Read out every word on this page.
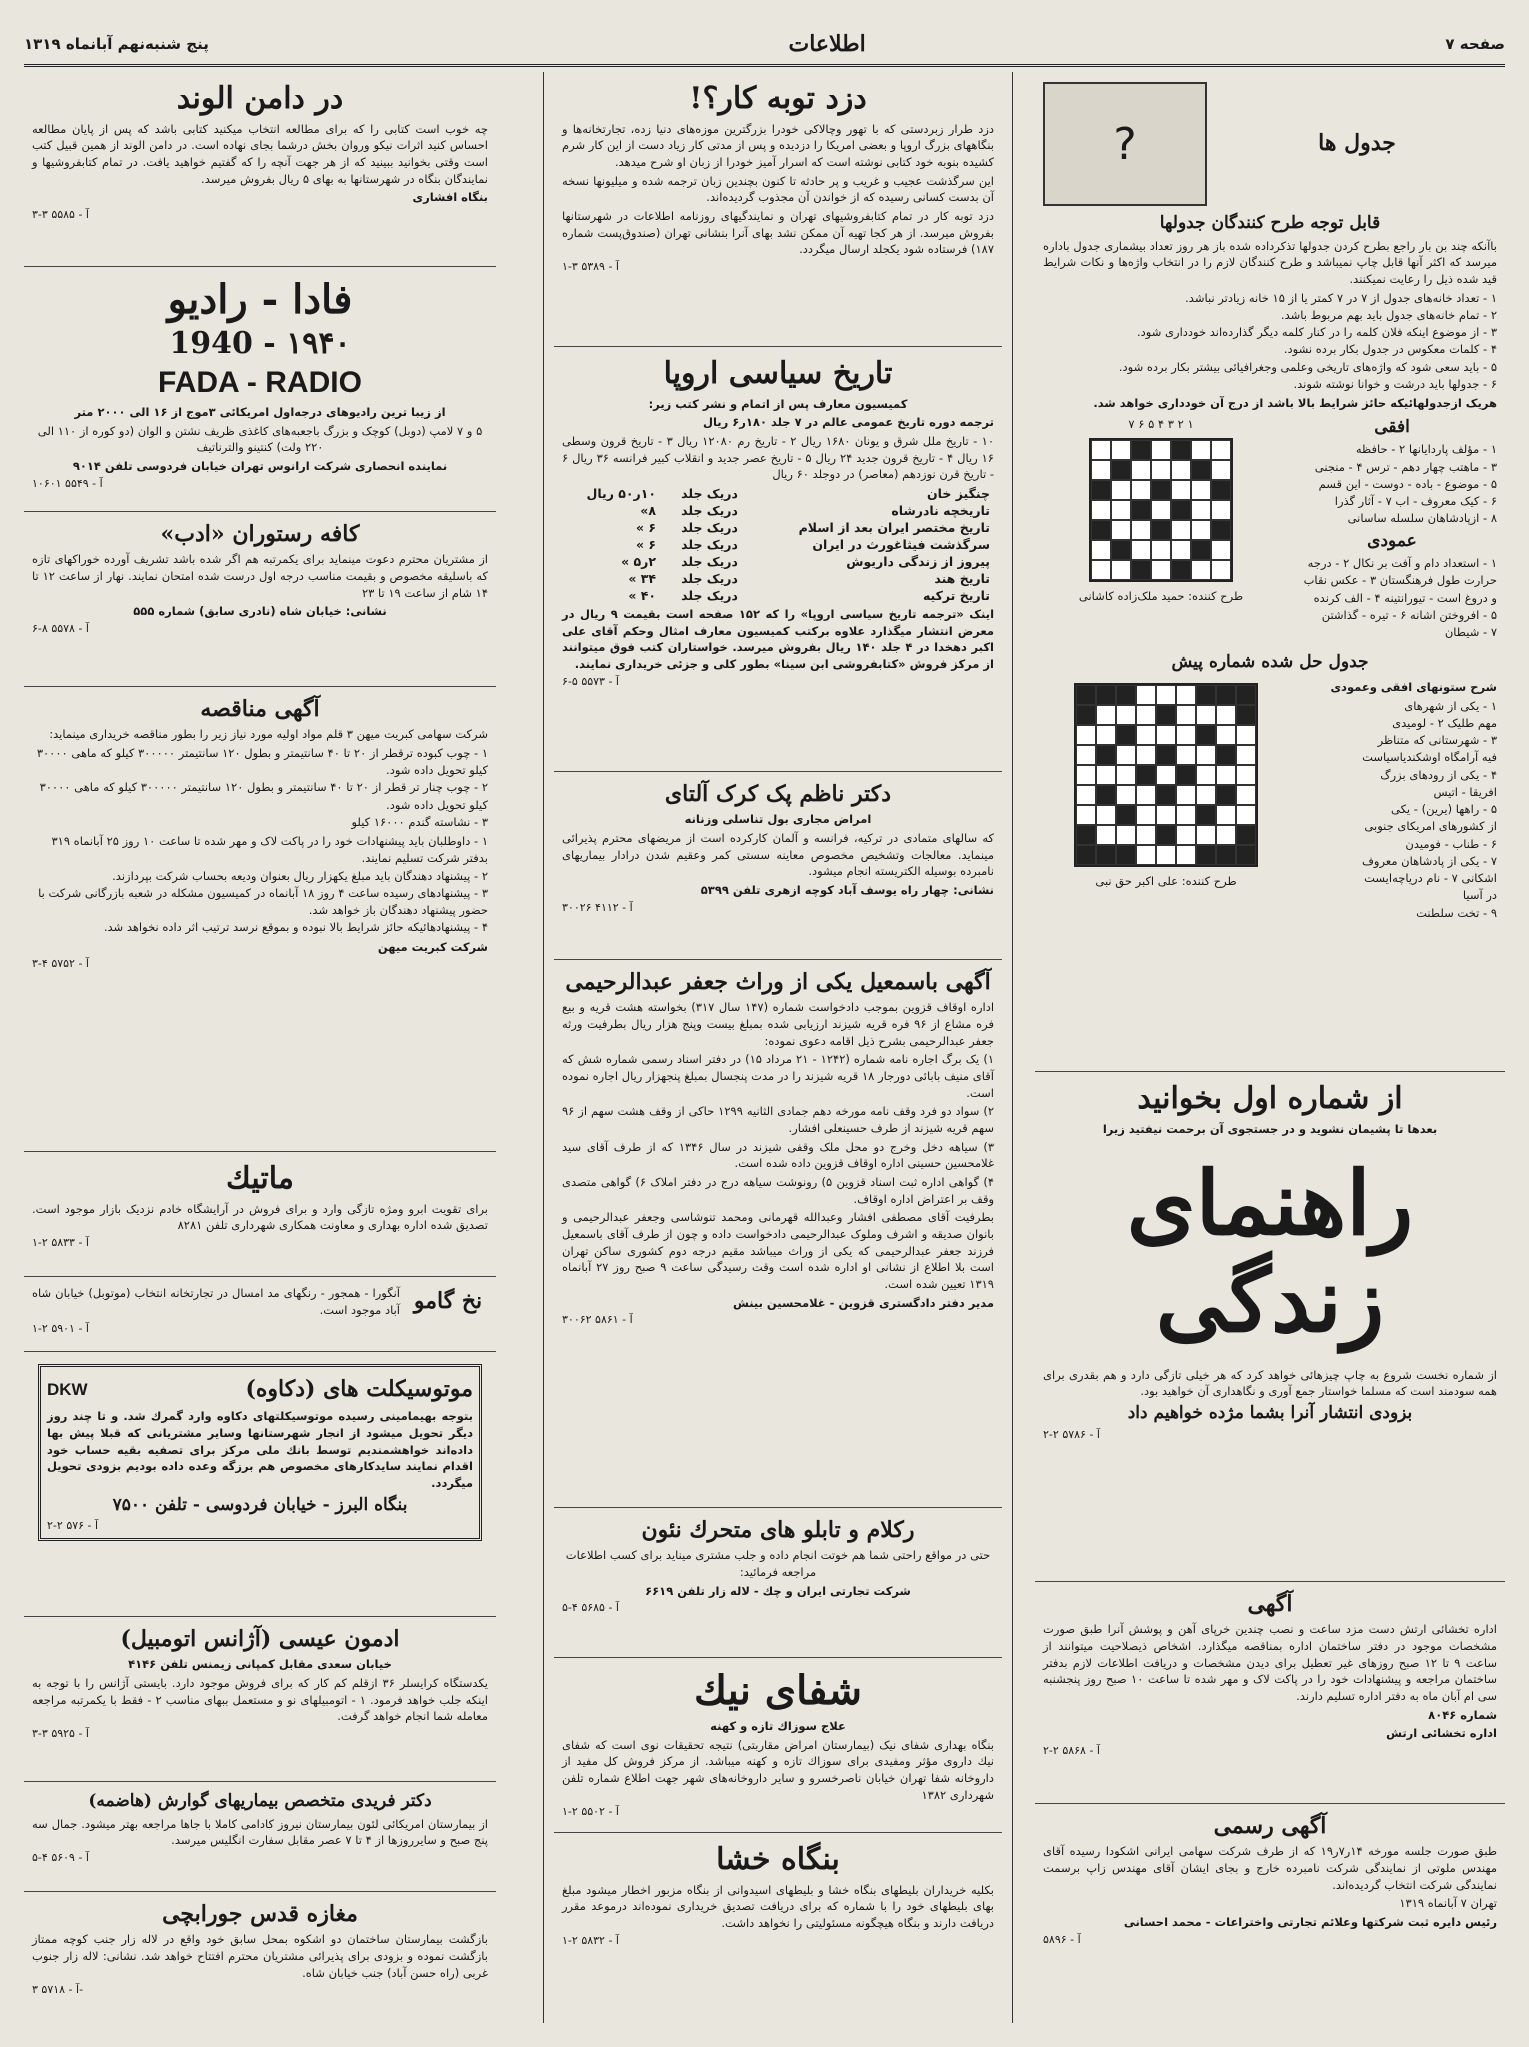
صفحه ۷
اطلاعات
پنج شنبه‌نهم آبانماه ۱۳۱۹
جدول ها
?
قابل توجه طرح کنندگان جدولها

باآنکه چند بن بار راجع بطرح کردن جدولها تذکرداده شده باز هر روز تعداد بیشماری جدول باداره میرسد که اکثر آنها قابل چاپ نمیباشد و طرح کنندگان لازم را در انتخاب واژه‌ها و نکات شرایط قید شده ذیل را رعایت نمیکنند.

۱ - تعداد خانه‌های جدول از ۷ در ۷ کمتر یا از ۱۵ خانه زیادتر نباشد.
۲ - تمام خانه‌های جدول باید بهم مربوط باشد.
۳ - از موضوع اینکه فلان کلمه را در کنار کلمه دیگر گذارده‌اند خودداری شود.
۴ - کلمات معکوس در جدول بکار برده نشود.
۵ - باید سعی شود که واژه‌های تاریخی وعلمی وجغرافیائی بیشتر بکار برده شود.
۶ - جدولها باید درشت و خوانا نوشته شوند.

هریک ازجدولهائیکه حائز شرایط بالا باشد از درج آن خودداری خواهد شد.

افقی
۱ - مؤلف پاردایانها ۲ - حافظه
۳ - ماهتب چهار دهم - ترس ۴ - منجنی
۵ - موضوع - باده - دوست - این قسم
۶ - کیک معروف - اب ۷ - آثار گذرا
۸ - ازپادشاهان سلسله ساسانی
عمودی
۱ - استعداد دام و آفت بر نکال ۲ - درجه
حرارت طول فرهنگستان ۳ - عکس نقاب
و دروغ است - تیورانتینه ۴ - الف کرنده
۵ - افروختن اشانه ۶ - تیره - گذاشتن
۷ - شیطان
۱ ۲ ۳ ۴ ۵ ۶ ۷
طرح کننده: حمید ملک‌زاده کاشانی
جدول حل شده شماره پیش
شرح ستونهای افقی وعمودی
۱ - یکی از شهرهای
مهم طلیک ۲ - لومیدی
۳ - شهرستانی که متناظر
فیه آرامگاه اوشکندیاسیاست
۴ - یکی از رودهای بزرگ
افریقا - اتیس
۵ - راهها (یرین) - یکی
از کشورهای امریکای جنوبی
۶ - طناب - فومیدن
۷ - یکی از پادشاهان معروف
اشکانی ۷ - نام دریاچه‌ایست
در آسیا
۹ - تخت سلطنت
طرح کننده: علی اکبر حق نبی
از شماره اول بخوانید
بعدها تا پشیمان نشوید و در جستجوی آن برحمت نیفتید زیرا
راهنمای زندگی

از شماره نخست شروع به چاپ چیزهائی خواهد کرد که هر خیلی تازگی دارد و هم بقدری برای همه سودمند است که مسلما خواستار جمع آوری و نگاهداری آن خواهید بود.

بزودی انتشار آنرا بشما مژده خواهیم داد
آ - ۵۷۸۶ ۲-۲
آگهی

اداره تخشائی ارتش دست مزد ساعت و نصب چندین خرپای آهن و پوشش آنرا طبق صورت مشخصات موجود در دفتر ساختمان اداره بمناقصه میگذارد. اشخاص ذیصلاحیت میتوانند از ساعت ۹ تا ۱۲ صبح روزهای غیر تعطیل برای دیدن مشخصات و دریافت اطلاعات لازم بدفتر ساختمان مراجعه و پیشنهادات خود را در پاکت لاک و مهر شده تا ساعت ۱۰ صبح روز پنجشنبه سی ام آبان ماه به دفتر اداره تسلیم دارند.

شماره ۸۰۴۶
اداره تخشائی ارتش
آ - ۵۸۶۸ ۲-۲
آگهی رسمی

طبق صورت جلسه مورخه ۱۴ر۷ر۱۹ که از طرف شرکت سهامی ایرانی اشکودا رسیده آقای مهندس ملوتی از نمایندگی شرکت نامبرده خارج و بجای ایشان آقای مهندس زاپ برسمت نمایندگی شرکت انتخاب گردیده‌اند.

تهران ۷ آبانماه ۱۳۱۹
رئیس دایره ثبت شرکتها وعلائم تجارتی واختراعات - محمد احسانی
آ - ۵۸۹۶
دزد توبه کار؟!

دزد طرار زبردستی که با تهور وچالاکی خودرا بزرگترین موزه‌های دنیا زده، تجارتخانه‌ها و بنگاههای بزرگ اروپا و بعضی امریکا را دزدیده و پس از مدتی کار زیاد دست از این کار شرم کشیده بنوبه خود کتابی نوشته است که اسرار آمیز خودرا از زبان او شرح میدهد.

این سرگذشت عجیب و غریب و پر حادثه تا کنون بچندین زبان ترجمه شده و میلیونها نسخه آن بدست کسانی رسیده که از خواندن آن مجذوب گردیده‌اند.

دزد توبه کار در تمام کتابفروشیهای تهران و نمایندگیهای روزنامه اطلاعات در شهرستانها بفروش میرسد. از هر کجا تهیه آن ممکن نشد بهای آنرا بنشانی تهران (صندوق‌پست شماره ۱۸۷) فرستاده شود یکجلد ارسال میگردد.

آ - ۵۳۸۹ ۳-۱
تاریخ سیاسی اروپا
کمیسیون معارف پس از اتمام و نشر کتب زیر:
ترجمه دوره تاریخ عمومی عالم در ۷ جلد ۱۸۰ر۶ ریال

۱۰ - تاریخ ملل شرق و یونان ۱۶۸۰ ریال ۲ - تاریخ رم ۱۲۰۸۰ ریال ۳ - تاریخ قرون وسطی ۱۶ ریال ۴ - تاریخ قرون جدید ۲۴ ریال ۵ - تاریخ عصر جدید و انقلاب کبیر فرانسه ۳۶ ریال ۶ - تاریخ قرن نوزدهم (معاصر) در دوجلد ۶۰ ریال

چنگیز خان	دریک جلد	۱۰ر۵۰ ریال
تاریخچه نادرشاه	دریک جلد	۸»
تاریخ مختصر ایران بعد از اسلام	دریک جلد	۶ »
سرگذشت فیثاغورث در ایران	دریک جلد	۶ »
پیروز از زندگی داریوش	دریک جلد	۲ر۵ »
تاریخ هند	دریک جلد	۳۴ »
تاریخ ترکیه	دریک جلد	۴۰ »

اینک «ترجمه تاریخ سیاسی اروپا» را که ۱۵۲ صفحه است بقیمت ۹ ریال در معرض انتشار میگذارد علاوه برکتب کمیسیون معارف امثال وحکم آقای علی اکبر دهخدا در ۴ جلد ۱۴۰ ریال بفروش میرسد. خواستاران کتب فوق میتوانند از مرکز فروش «کتابفروشی ابن سینا» بطور کلی و جزئی خریداری نمایند.

آ - ۵۵۷۳ ۵-۶
دکتر ناظم پک کرک آلتای
امراض مجاری بول تناسلی وزنانه

که سالهای متمادی در ترکیه، فرانسه و آلمان کارکرده است از مریضهای محترم پذیرائی مینماید. معالجات وتشخیص مخصوص معاینه سستی کمر وعقیم شدن درادار بیماریهای نامبرده بوسیله الکتریسته انجام میشود.

نشانی: چهار راه یوسف آباد کوچه ازهری تلفن ۵۳۹۹
آ - ۴۱۱۲ ۳۰۰۲۶
آگهی باسمعیل یکی از وراث جعفر عبدالرحیمی

اداره اوقاف قزوین بموجب دادخواست شماره (۱۴۷ سال ۳۱۷) بخواسته هشت قریه و بیع فره مشاع از ۹۶ فره قریه شیزند ارزیابی شده بمبلغ بیست وپنج هزار ریال بطرفیت ورثه جعفر عبدالرحیمی بشرح ذیل اقامه دعوی نموده:

۱) یک برگ اجاره نامه شماره (۱۲۴۲ - ۲۱ مرداد ۱۵) در دفتر اسناد رسمی شماره شش که آقای منیف بابائی دورجار ۱۸ قریه شیزند را در مدت پنجسال بمبلغ پنجهزار ریال اجاره نموده است.

۲) سواد دو فرد وقف نامه مورخه دهم جمادی الثانیه ۱۲۹۹ حاکی از وقف هشت سهم از ۹۶ سهم قریه شیزند از طرف حسینعلی افشار.

۳) سیاهه دخل وخرج دو محل ملک وقفی شیزند در سال ۱۳۴۶ که از طرف آقای سید غلامحسین حسینی اداره اوقاف قزوین داده شده است.

۴) گواهی اداره ثبت اسناد قزوین ۵) رونوشت سیاهه درج در دفتر املاک ۶) گواهی متصدی وقف بر اعتراض اداره اوقاف.

بطرفیت آقای مصطفی افشار وعبدالله قهرمانی ومحمد تنوشاسی وجعفر عبدالرحیمی و بانوان صدیقه و اشرف وملوک عبدالرحیمی دادخواست داده و چون از طرف آقای باسمعیل فرزند جعفر عبدالرحیمی که یکی از وراث میباشد مقیم درجه دوم کشوری ساکن تهران است بلا اطلاع از نشانی او اداره شده است وقت رسیدگی ساعت ۹ صبح روز ۲۷ آبانماه ۱۳۱۹ تعیین شده است.

مدیر دفتر دادگستری قزوین - غلامحسین بینش
آ - ۵۸۶۱ ۳۰۰۶۲
رکلام و تابلو های متحرك نئون

حتی در مواقع راحتی شما هم خوتت انجام داده و جلب مشتری میناید برای کسب اطلاعات مراجعه فرمائید:

شرکت تجارتی ایران و چك - لاله زار تلفن ۶۶۱۹
آ - ۵۶۸۵ ۴-۵
شفای نیك
علاج سوزاك تازه و كهنه

بنگاه بهداری شفای نیک (بیمارستان امراض مقاربتی) نتیجه تحقیقات نوی است که شفای نیك داروی مؤثر ومفیدی برای سوزاك تازه و كهنه میباشد. از مرکز فروش كل مفید از داروخانه شفا تهران خیابان ناصرخسرو و سایر داروخانه‌های شهر جهت اطلاع شماره تلفن شهرداری ۱۳۸۲

آ - ۵۵۰۲ ۲-۱
بنگاه خشا

بکلیه خریداران بلیطهای بنگاه خشا و بلیطهای اسیدوانی از بنگاه مزبور اخطار میشود مبلغ بهای بلیطهای خود را با شماره که برای دریافت تصدیق خریداری نموده‌اند درموعد مقرر دریافت دارند و بنگاه هیچگونه مسئولیتی را نخواهد داشت.

آ - ۵۸۳۲ ۲-۱
در دامن الوند

چه خوب است کتابی را که برای مطالعه انتخاب میکنید کتابی باشد که پس از پایان مطالعه احساس کنید اثرات نیکو وروان بخش درشما بجای نهاده است. در دامن الوند از همین قبیل کتب است وقتی بخوانید ببینید که از هر جهت آنچه را که گفتیم خواهید یافت. در تمام کتابفروشیها و نمایندگان بنگاه در شهرستانها به بهای ۵ ریال بفروش میرسد.

بنگاه افشاری
آ - ۵۵۸۵ ۳-۳
فادا - رادیو
۱۹۴۰ - 1940
FADA - RADIO
از زیبا ترین رادیوهای درجه‌اول امریکائی ۳موج از ۱۶ الی ۲۰۰۰ متر
۵ و ۷ لامپ (دوبل) کوچک و بزرگ باجعبه‌های کاغذی ظریف نشتن و الوان (دو کوره از ۱۱۰ الی ۲۲۰ ولت) کنتینو والترناتیف
نماینده انحصاری شرکت ارانوس تهران خیابان فردوسی تلفن ۹۰۱۴
آ - ۵۵۴۹ ۱۰۶۰۱
کافه رستوران «ادب»

از مشتریان محترم دعوت مینماید برای یکمرتبه هم اگر شده باشد تشریف آورده خوراکهای تازه که باسلیقه مخصوص و بقیمت مناسب درجه اول درست شده امتحان نمایند. نهار از ساعت ۱۲ تا ۱۴ شام از ساعت ۱۹ تا ۲۳

نشانی: خیابان شاه (نادری سابق) شماره ۵۵۵
آ - ۵۵۷۸ ۸-۶
آگهی مناقصه

شرکت سهامی کبریت میهن ۳ قلم مواد اولیه مورد نیاز زیر را بطور مناقصه خریداری مینماید:

۱ - چوب کبوده ترقطر از ۲۰ تا ۴۰ سانتیمتر و بطول ۱۲۰ سانتیمتر ۳۰۰۰۰۰ کیلو که ماهی ۳۰۰۰۰ کیلو تحویل داده شود.
۲ - چوب چنار تر قطر از ۲۰ تا ۴۰ سانتیمتر و بطول ۱۲۰ سانتیمتر ۳۰۰۰۰۰ کیلو که ماهی ۳۰۰۰۰ کیلو تحویل داده شود.
۳ - نشاسته گندم ۱۶۰۰۰ کیلو
۱ - داوطلبان باید پیشنهادات خود را در پاکت لاک و مهر شده تا ساعت ۱۰ روز ۲۵ آبانماه ۳۱۹ بدفتر شرکت تسلیم نمایند.
۲ - پیشنهاد دهندگان باید مبلغ یکهزار ریال بعنوان ودیعه بحساب شرکت بپردازند.
۳ - پیشنهادهای رسیده ساعت ۴ روز ۱۸ آبانماه در کمیسیون مشکله در شعبه بازرگانی شرکت با حضور پیشنهاد دهندگان باز خواهد شد.
۴ - پیشنهادهائیکه حائز شرایط بالا نبوده و بموقع نرسد ترتیب اثر داده نخواهد شد.
شرکت کبریت میهن
آ - ۵۷۵۲ ۴-۳
ماتیك

برای تقویت ابرو ومژه تازگی وارد و برای فروش در آرایشگاه خادم نزدیک بازار موجود است. تصدیق شده اداره بهداری و معاونت همکاری شهرداری تلفن ۸۲۸۱

آ - ۵۸۳۳ ۲-۱
نخ گامو

آنگورا - همجور - رنگهای مد امسال در تجارتخانه انتخاب (موتوبل) خیابان شاه آباد موجود است.

آ - ۵۹۰۱ ۲-۱
موتوسیکلت های (دکاوه)
DKW

بتوجه بهیمامینی رسیده موتوسیکلتهای دکاوه وارد گمرك شد. و تا چند روز دیگر تحویل میشود از انجار شهرستانها وسایر مشتریانی که قبلا پیش بها داده‌اند خواهشمندیم توسط بانك ملی مرکز برای تصفیه بقیه حساب خود اقدام نمایند سایدکارهای مخصوص هم برزگه وعده داده بودیم بزودی تحویل میگردد.

بنگاه البرز - خیابان فردوسی - تلفن ۷۵۰۰
آ - ۵۷۶ ۲-۲
ادمون عیسی (آژانس اتومبیل)
خیابان سعدی مقابل کمپانی زیمنس تلفن ۴۱۴۶

یکدستگاه کرایسلر ۳۶ ازقلم کم کار که برای فروش موجود دارد. بایستی آژانس را با توجه به اینکه جلب خواهد فرمود. ۱ - اتومبیلهای نو و مستعمل ببهای مناسب ۲ - فقط با یکمرتبه مراجعه معامله شما انجام خواهد گرفت.

آ - ۵۹۲۵ ۳-۳
دکتر فریدی متخصص بیماریهای گوارش (هاضمه)

از بیمارستان امریکائی لئون بیمارستان نیروز کادامی کاملا با جاها مراجعه بهتر میشود. جمال سه پنج صبح و سایرروزها از ۴ تا ۷ عصر مقابل سفارت انگلیس میرسد.

آ - ۵۶۰۹ ۴-۵
مغازه قدس جورابچی

بازگشت بیمارستان ساختمان دو اشکوه بمحل سابق خود واقع در لاله زار جنب کوچه ممتاز بازگشت نموده و بزودی برای پذیرائی مشتریان محترم افتتاح خواهد شد. نشانی: لاله زار جنوب غربی (راه حسن آباد) جنب خیابان شاه.

آ - ۵۷۱۸ ۳-
